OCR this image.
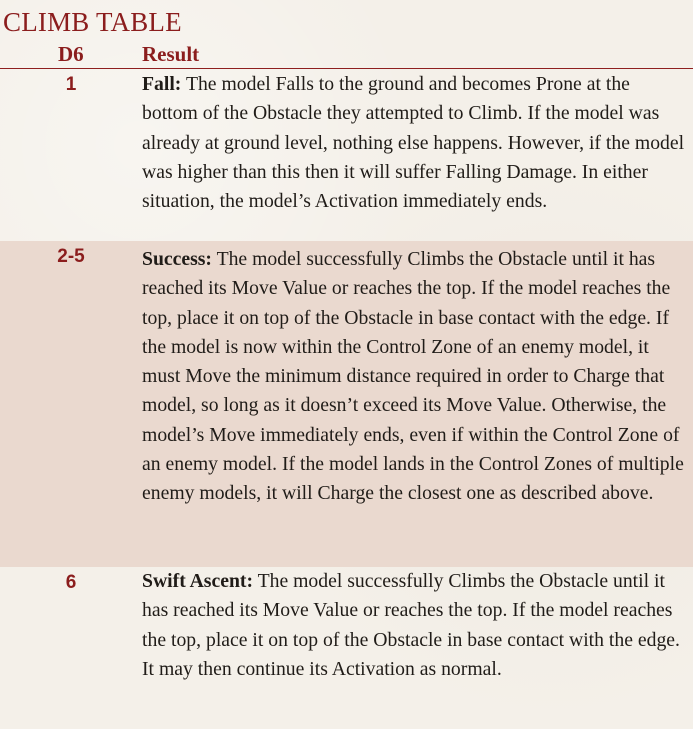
CLIMB TABLE
D6	Result
1	Fall: The model Falls to the ground and becomes Prone at the bottom of the Obstacle they attempted to Climb. If the model was already at ground level, nothing else happens. However, if the model was higher than this then it will suffer Falling Damage. In either situation, the model’s Activation immediately ends.
2-5	Success: The model successfully Climbs the Obstacle until it has reached its Move Value or reaches the top. If the model reaches the top, place it on top of the Obstacle in base contact with the edge. If the model is now within the Control Zone of an enemy model, it must Move the minimum distance required in order to Charge that model, so long as it doesn’t exceed its Move Value. Otherwise, the model’s Move immediately ends, even if within the Control Zone of an enemy model. If the model lands in the Control Zones of multiple enemy models, it will Charge the closest one as described above.
6	Swift Ascent: The model successfully Climbs the Obstacle until it has reached its Move Value or reaches the top. If the model reaches the top, place it on top of the Obstacle in base contact with the edge. It may then continue its Activation as normal.
